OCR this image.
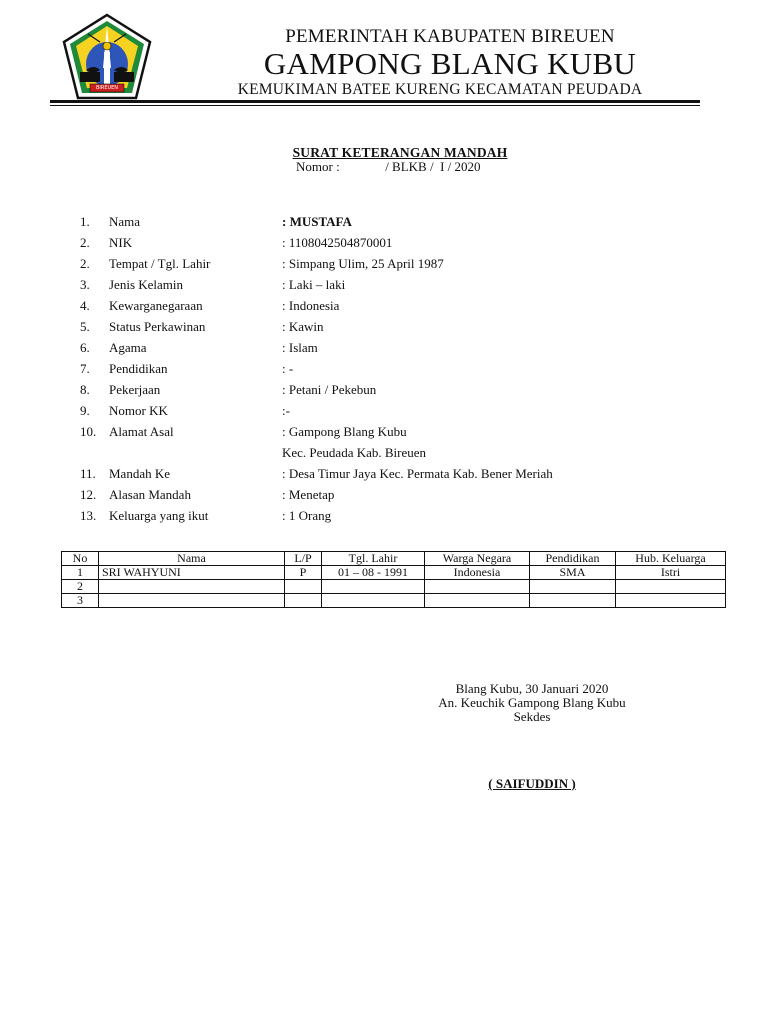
BIREUEN
PEMERINTAH KABUPATEN BIREUEN
GAMPONG BLANG KUBU
KEMUKIMAN BATEE KURENG KECAMATAN PEUDADA
SURAT KETERANGAN MANDAH
Nomor :              / BLKB /  I / 2020
1. Nama	: MUSTAFA
2. NIK	: 1108042504870001
2. Tempat / Tgl. Lahir	: Simpang Ulim, 25 April 1987
3. Jenis Kelamin	: Laki – laki
4. Kewarganegaraan	: Indonesia
5. Status Perkawinan	: Kawin
6. Agama	: Islam
7. Pendidikan	: -
8. Pekerjaan	: Petani / Pekebun
9. Nomor KK	:-
10. Alamat Asal	: Gampong Blang Kubu
Kec. Peudada Kab. Bireuen
11. Mandah Ke	: Desa Timur Jaya Kec. Permata Kab. Bener Meriah
12. Alasan Mandah	: Menetap
13. Keluarga yang ikut	: 1 Orang
No	Nama	L/P	Tgl. Lahir	Warga Negara	Pendidikan	Hub. Keluarga
1	SRI WAHYUNI	P	01 – 08 - 1991	Indonesia	SMA	Istri
2						
3						
Blang Kubu, 30 Januari 2020
An. Keuchik Gampong Blang Kubu
Sekdes
( SAIFUDDIN )
